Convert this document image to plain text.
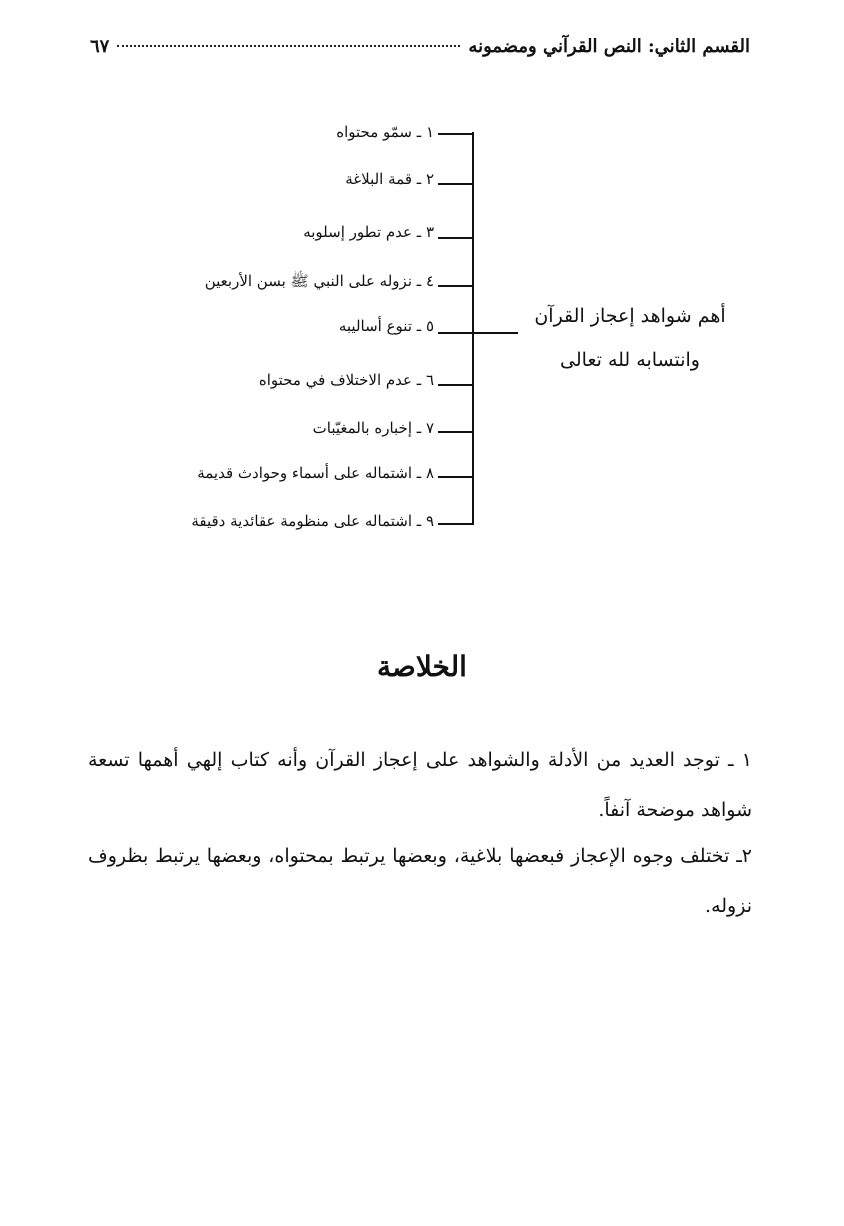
القسم الثاني: النص القرآني ومضمونه
٦٧
١ ـ سمّو محتواه
٢ ـ قمة البلاغة
٣ ـ عدم تطور إسلوبه
٤ ـ نزوله على النبي ﷺ بسن الأربعين
٥ ـ تنوع أساليبه
٦ ـ عدم الاختلاف في محتواه
٧ ـ إخباره بالمغيّبات
٨ ـ اشتماله على أسماء وحوادث قديمة
٩ ـ اشتماله على منظومة عقائدية دقيقة
أهم شواهد إعجاز القرآن
وانتسابه لله تعالى
الخلاصة

١ ـ توجد العديد من الأدلة والشواهد على إعجاز القرآن وأنه كتاب إلهي أهمها تسعة شواهد موضحة آنفاً.

٢ـ تختلف وجوه الإعجاز فبعضها بلاغية، وبعضها يرتبط بمحتواه، وبعضها يرتبط بظروف نزوله.
